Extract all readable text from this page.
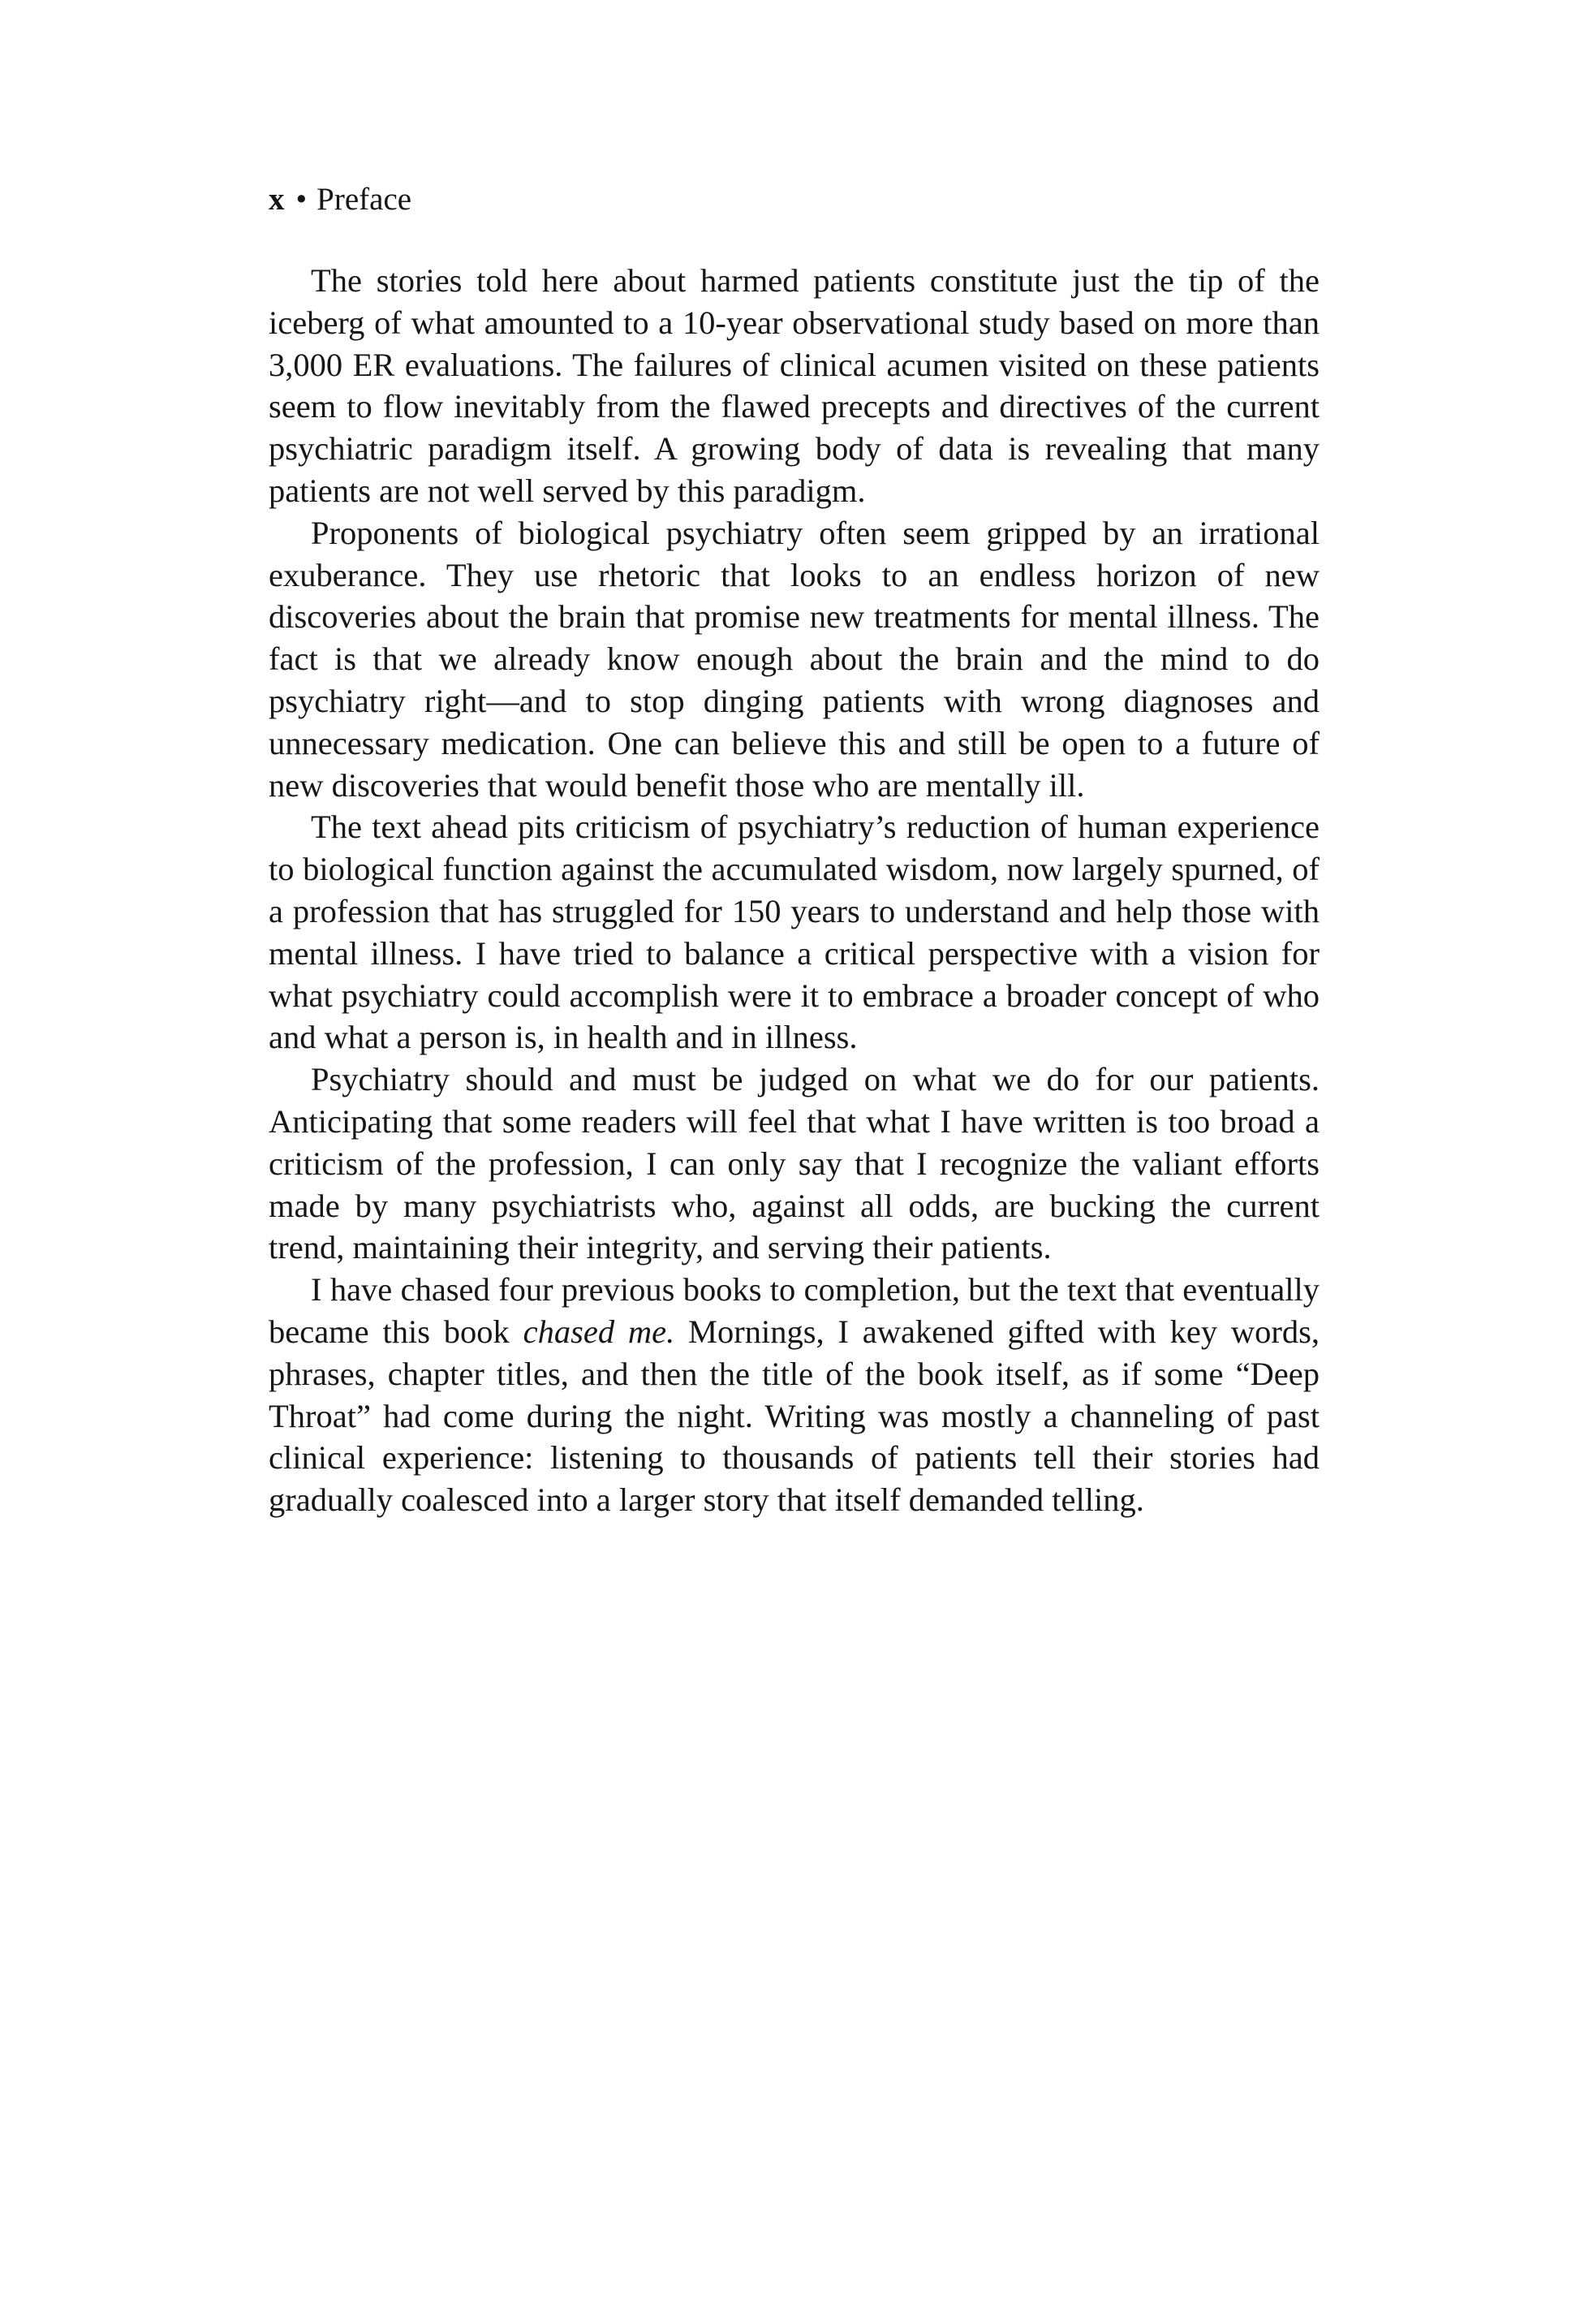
x • Preface

The stories told here about harmed patients constitute just the tip of the iceberg of what amounted to a 10-year observational study based on more than 3,000 ER evaluations. The failures of clinical acumen visited on these patients seem to flow inevitably from the flawed precepts and directives of the current psychiatric paradigm itself. A growing body of data is revealing that many patients are not well served by this paradigm.

Proponents of biological psychiatry often seem gripped by an irrational exuberance. They use rhetoric that looks to an endless horizon of new discoveries about the brain that promise new treatments for mental illness. The fact is that we already know enough about the brain and the mind to do psychiatry right—and to stop dinging patients with wrong diagnoses and unnecessary medication. One can believe this and still be open to a future of new discoveries that would benefit those who are mentally ill.

The text ahead pits criticism of psychiatry’s reduction of human experience to biological function against the accumulated wisdom, now largely spurned, of a profession that has struggled for 150 years to understand and help those with mental illness. I have tried to balance a critical perspective with a vision for what psychiatry could accomplish were it to embrace a broader concept of who and what a person is, in health and in illness.

Psychiatry should and must be judged on what we do for our patients. Anticipating that some readers will feel that what I have written is too broad a criticism of the profession, I can only say that I recognize the valiant efforts made by many psychiatrists who, against all odds, are bucking the current trend, maintaining their integrity, and serving their patients.

I have chased four previous books to completion, but the text that eventually became this book chased me. Mornings, I awakened gifted with key words, phrases, chapter titles, and then the title of the book itself, as if some “Deep Throat” had come during the night. Writing was mostly a channeling of past clinical experience: listening to thousands of patients tell their stories had gradually coalesced into a larger story that itself demanded telling.
